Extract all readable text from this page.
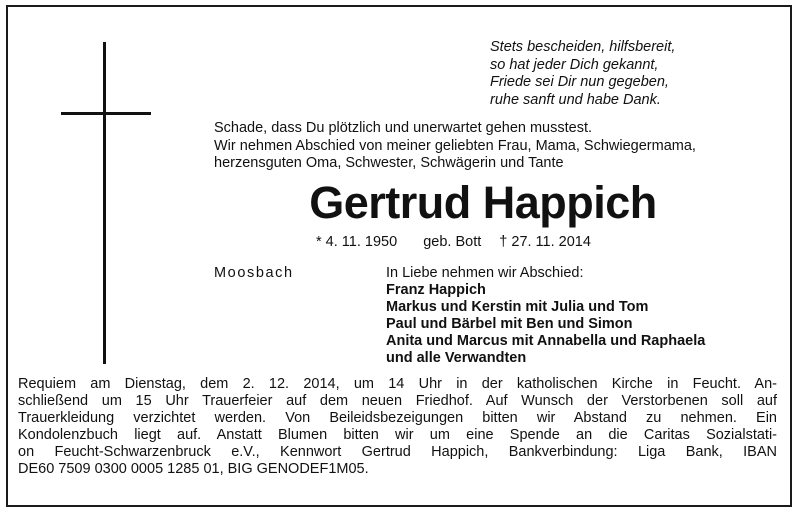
Stets bescheiden, hilfsbereit,
so hat jeder Dich gekannt,
Friede sei Dir nun gegeben,
ruhe sanft und habe Dank.
Schade, dass Du plötzlich und unerwartet gehen musstest.
Wir nehmen Abschied von meiner geliebten Frau, Mama, Schwiegermama,
herzensguten Oma, Schwester, Schwägerin und Tante
Gertrud Happich
* 4. 11. 1950 geb. Bott † 27. 11. 2014
Moosbach	In Liebe nehmen wir Abschied:
Franz Happich
Markus und Kerstin mit Julia und Tom
Paul und Bärbel mit Ben und Simon
Anita und Marcus mit Annabella und Raphaela
und alle Verwandten
Requiem am Dienstag, dem 2. 12. 2014, um 14 Uhr in der katholischen Kirche in Feucht. An-
schließend um 15 Uhr Trauerfeier auf dem neuen Friedhof. Auf Wunsch der Verstorbenen soll auf
Trauerkleidung verzichtet werden. Von Beileidsbezeigungen bitten wir Abstand zu nehmen. Ein
Kondolenzbuch liegt auf. Anstatt Blumen bitten wir um eine Spende an die Caritas Sozialstati-
on Feucht-Schwarzenbruck e.V., Kennwort Gertrud Happich, Bankverbindung: Liga Bank, IBAN
DE60 7509 0300 0005 1285 01, BIG GENODEF1M05.
